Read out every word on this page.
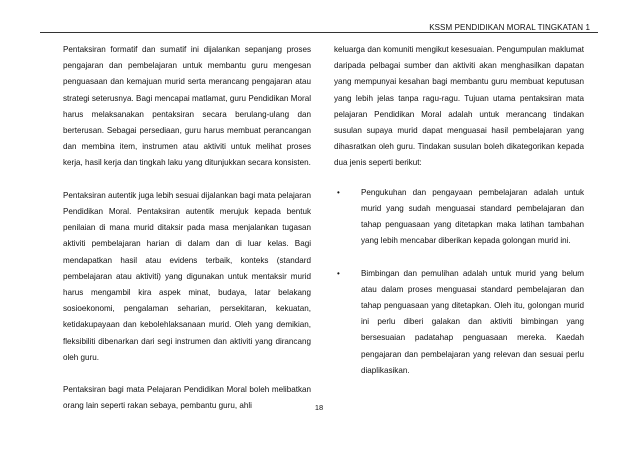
KSSM PENDIDIKAN MORAL TINGKATAN 1

Pentaksiran formatif dan sumatif ini dijalankan sepanjang proses pengajaran dan pembelajaran untuk membantu guru mengesan penguasaan dan kemajuan murid serta merancang pengajaran atau strategi seterusnya. Bagi mencapai matlamat, guru Pendidikan Moral harus melaksanakan pentaksiran secara berulang-ulang dan berterusan. Sebagai persediaan, guru harus membuat perancangan dan membina item, instrumen atau aktiviti untuk melihat proses kerja, hasil kerja dan tingkah laku yang ditunjukkan secara konsisten.

Pentaksiran autentik juga lebih sesuai dijalankan bagi mata pelajaran Pendidikan Moral. Pentaksiran autentik merujuk kepada bentuk penilaian di mana murid ditaksir pada masa menjalankan tugasan aktiviti pembelajaran harian di dalam dan di luar kelas. Bagi mendapatkan hasil atau evidens terbaik, konteks (standard pembelajaran atau aktiviti) yang digunakan untuk mentaksir murid harus mengambil kira aspek minat, budaya, latar belakang sosioekonomi, pengalaman seharian, persekitaran, kekuatan, ketidakupayaan dan kebolehlaksanaan murid. Oleh yang demikian, fleksibiliti dibenarkan dari segi instrumen dan aktiviti yang dirancang oleh guru.

Pentaksiran bagi mata Pelajaran Pendidikan Moral boleh melibatkan orang lain seperti rakan sebaya, pembantu guru, ahli

keluarga dan komuniti mengikut kesesuaian. Pengumpulan maklumat daripada pelbagai sumber dan aktiviti akan menghasilkan dapatan yang mempunyai kesahan bagi membantu guru membuat keputusan yang lebih jelas tanpa ragu-ragu. Tujuan utama pentaksiran mata pelajaran Pendidikan Moral adalah untuk merancang tindakan susulan supaya murid dapat menguasai hasil pembelajaran yang dihasratkan oleh guru. Tindakan susulan boleh dikategorikan kepada dua jenis seperti berikut:

•	Pengukuhan dan pengayaan pembelajaran adalah untuk murid yang sudah menguasai standard pembelajaran dan tahap penguasaan yang ditetapkan maka latihan tambahan yang lebih mencabar diberikan kepada golongan murid ini.
•	Bimbingan dan pemulihan adalah untuk murid yang belum atau dalam proses menguasai standard pembelajaran dan tahap penguasaan yang ditetapkan. Oleh itu, golongan murid ini perlu diberi galakan dan aktiviti bimbingan yang bersesuaian padatahap penguasaan mereka. Kaedah pengajaran dan pembelajaran yang relevan dan sesuai perlu diaplikasikan.
18
